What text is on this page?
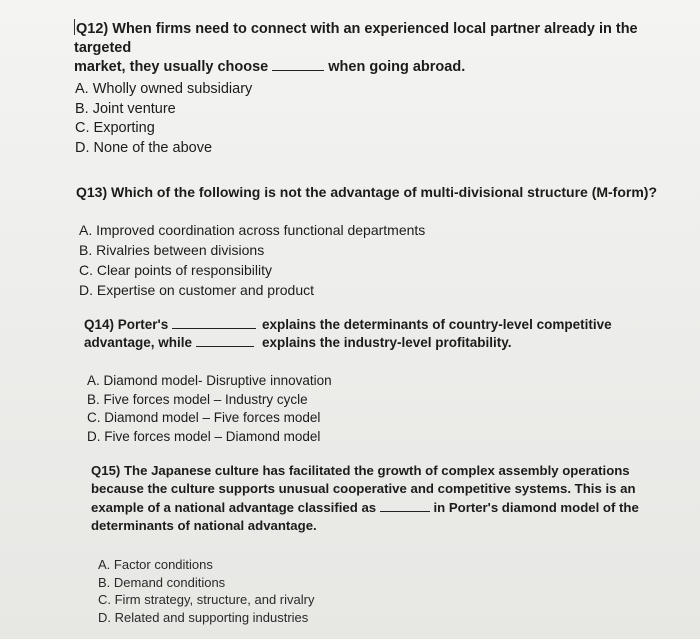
Q12) When firms need to connect with an experienced local partner already in the targeted
market, they usually choose	when going abroad.
A. Wholly owned subsidiary
B. Joint venture
C. Exporting
D. None of the above
Q13) Which of the following is not the advantage of multi-divisional structure (M-form)?
A. Improved coordination across functional departments
B. Rivalries between divisions
C. Clear points of responsibility
D. Expertise on customer and product
Q14) Porter's	explains the determinants of country-level competitive
advantage, while	explains the industry-level profitability.
A. Diamond model- Disruptive innovation
B. Five forces model – Industry cycle
C. Diamond model – Five forces model
D. Five forces model – Diamond model
Q15) The Japanese culture has facilitated the growth of complex assembly operations
because the culture supports unusual cooperative and competitive systems. This is an
example of a national advantage classified as	in Porter's diamond model of the
determinants of national advantage.
A. Factor conditions
B. Demand conditions
C. Firm strategy, structure, and rivalry
D. Related and supporting industries
